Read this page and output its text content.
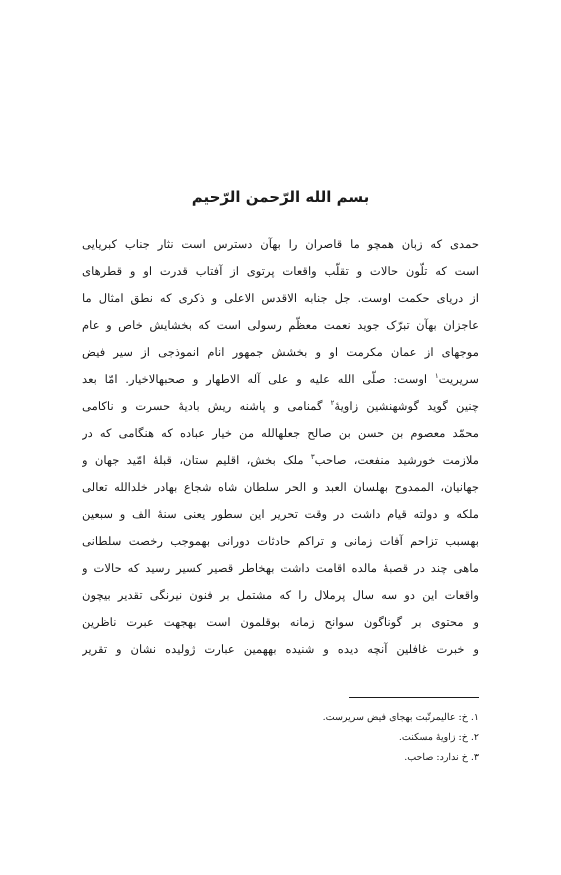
بسم الله الرّحمن الرّحیم
حمدی که زبان همچو ما قاصران را بهآن دسترس است نثار جناب کبریایی
است که تلّون حالات و تقلّب واقعات پرتوی از آفتاب قدرت او و قطرهای
از دریای حکمت اوست. جل جنابه الاقدس الاعلی و ذکری که نطق امثال ما
عاجزان بهآن تبرّک جوید نعمت معظّم رسولی است که بخشایش خاص و عام
موجهای از عمان مکرمت او و بخشش جمهور انام انموذجی از سیر فیض
سریریت$^۱$ اوست: صلّی الله علیه و علی آله الاطهار و صحبهالاخیار. امّا بعد
چنین گوید گوشهنشین زاویهٔ$^۲$ گمنامی و پاشنه ریش بادیهٔ حسرت و ناکامی
محمّد معصوم بن حسن بن صالح جعلهالله من خیار عباده که هنگامی که در
ملازمت خورشید منفعت، صاحب$^۳$ ملک بخش، اقلیم ستان، قبلهٔ امّید جهان و
جهانیان، الممدوح بهلسان العبد و الحر سلطان شاه شجاع بهادر خلدالله تعالی
ملکه و دولته قیام داشت در وقت تحریر این سطور یعنی سنهٔ الف و سبعین
بهسبب تزاحم آفات زمانی و تراکم حادثات دورانی بهموجب رخصت سلطانی
ماهی چند در قصبهٔ مالده اقامت داشت بهخاطر قصیر کسیر رسید که حالات و
واقعات این دو سه سال پرملال را که مشتمل بر فنون نیرنگی تقدیر بیچون
و محتوی بر گوناگون سوانح زمانه بوقلمون است بهجهت عبرت ناظرین
و خبرت غافلین آنچه دیده و شنیده بههمین عبارت ژولیده نشان و تقریر
۱. خ: عالیمرتّبت بهجای فیض سریرست.
۲. خ: زاویهٔ مسکنت.
۳. خ ندارد: صاحب.
